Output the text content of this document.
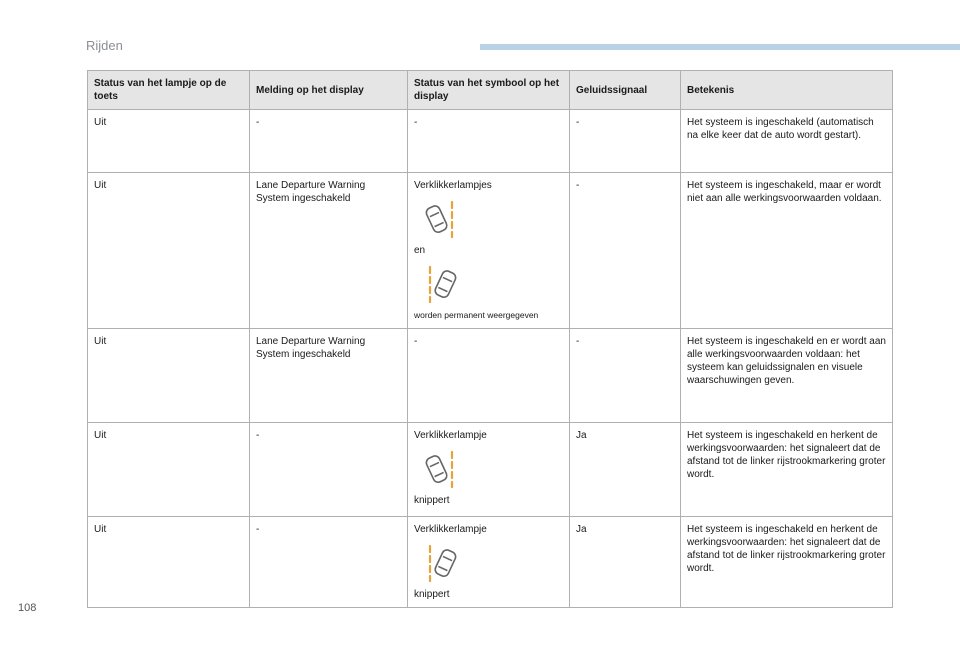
Rijden
Status van het lampje op de toets	Melding op het display	Status van het symbool op het display	Geluidssignaal	Betekenis
Uit	-	-	-	Het systeem is ingeschakeld (automatisch na elke keer dat de auto wordt gestart).
Uit	Lane Departure Warning System ingeschakeld	Verklikkerlampjes
en
worden permanent weergegeven	-	Het systeem is ingeschakeld, maar er wordt niet aan alle werkingsvoorwaarden voldaan.
Uit	Lane Departure Warning System ingeschakeld	-	-	Het systeem is ingeschakeld en er wordt aan alle werkingsvoorwaarden voldaan: het systeem kan geluidssignalen en visuele waarschuwingen geven.
Uit	-	Verklikkerlampje
knippert	Ja	Het systeem is ingeschakeld en herkent de werkingsvoorwaarden: het signaleert dat de afstand tot de linker rijstrookmarkering groter wordt.
Uit	-	Verklikkerlampje
knippert	Ja	Het systeem is ingeschakeld en herkent de werkingsvoorwaarden: het signaleert dat de afstand tot de linker rijstrookmarkering groter wordt.
108
